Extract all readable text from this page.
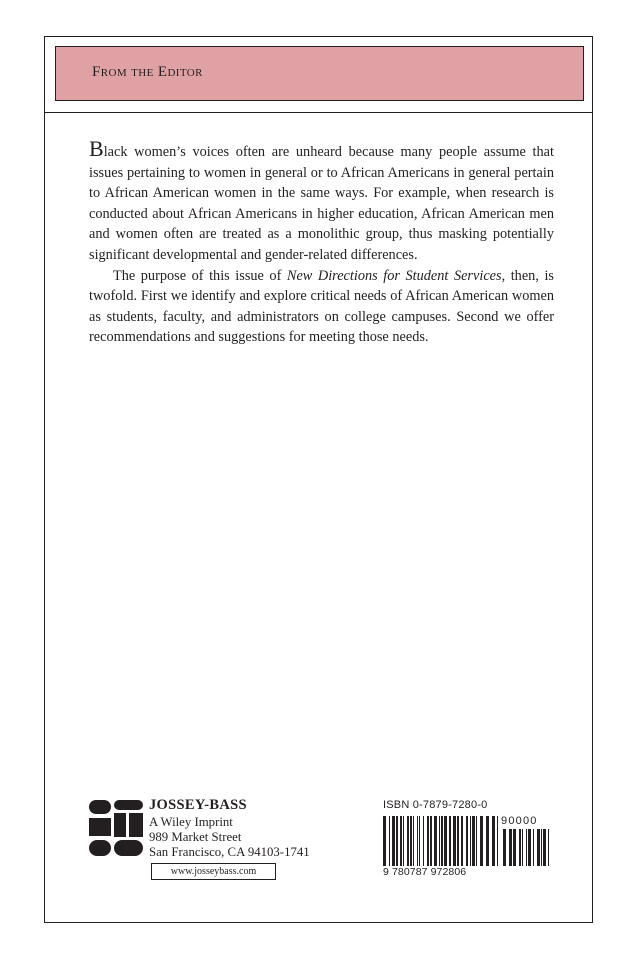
From the Editor

Black women’s voices often are unheard because many people assume that issues pertaining to women in general or to African Americans in general pertain to African American women in the same ways. For example, when research is conducted about African Americans in higher education, African American men and women often are treated as a monolithic group, thus masking potentially significant developmental and gender-related differences.

The purpose of this issue of New Directions for Student Services, then, is twofold. First we identify and explore critical needs of African American women as students, faculty, and administrators on college campuses. Second we offer recommendations and suggestions for meeting those needs.

JOSSEY-BASS
A Wiley Imprint
989 Market Street
San Francisco, CA 94103-1741
www.josseybass.com
ISBN 0-7879-7280-0
90000
9 780787 972806
